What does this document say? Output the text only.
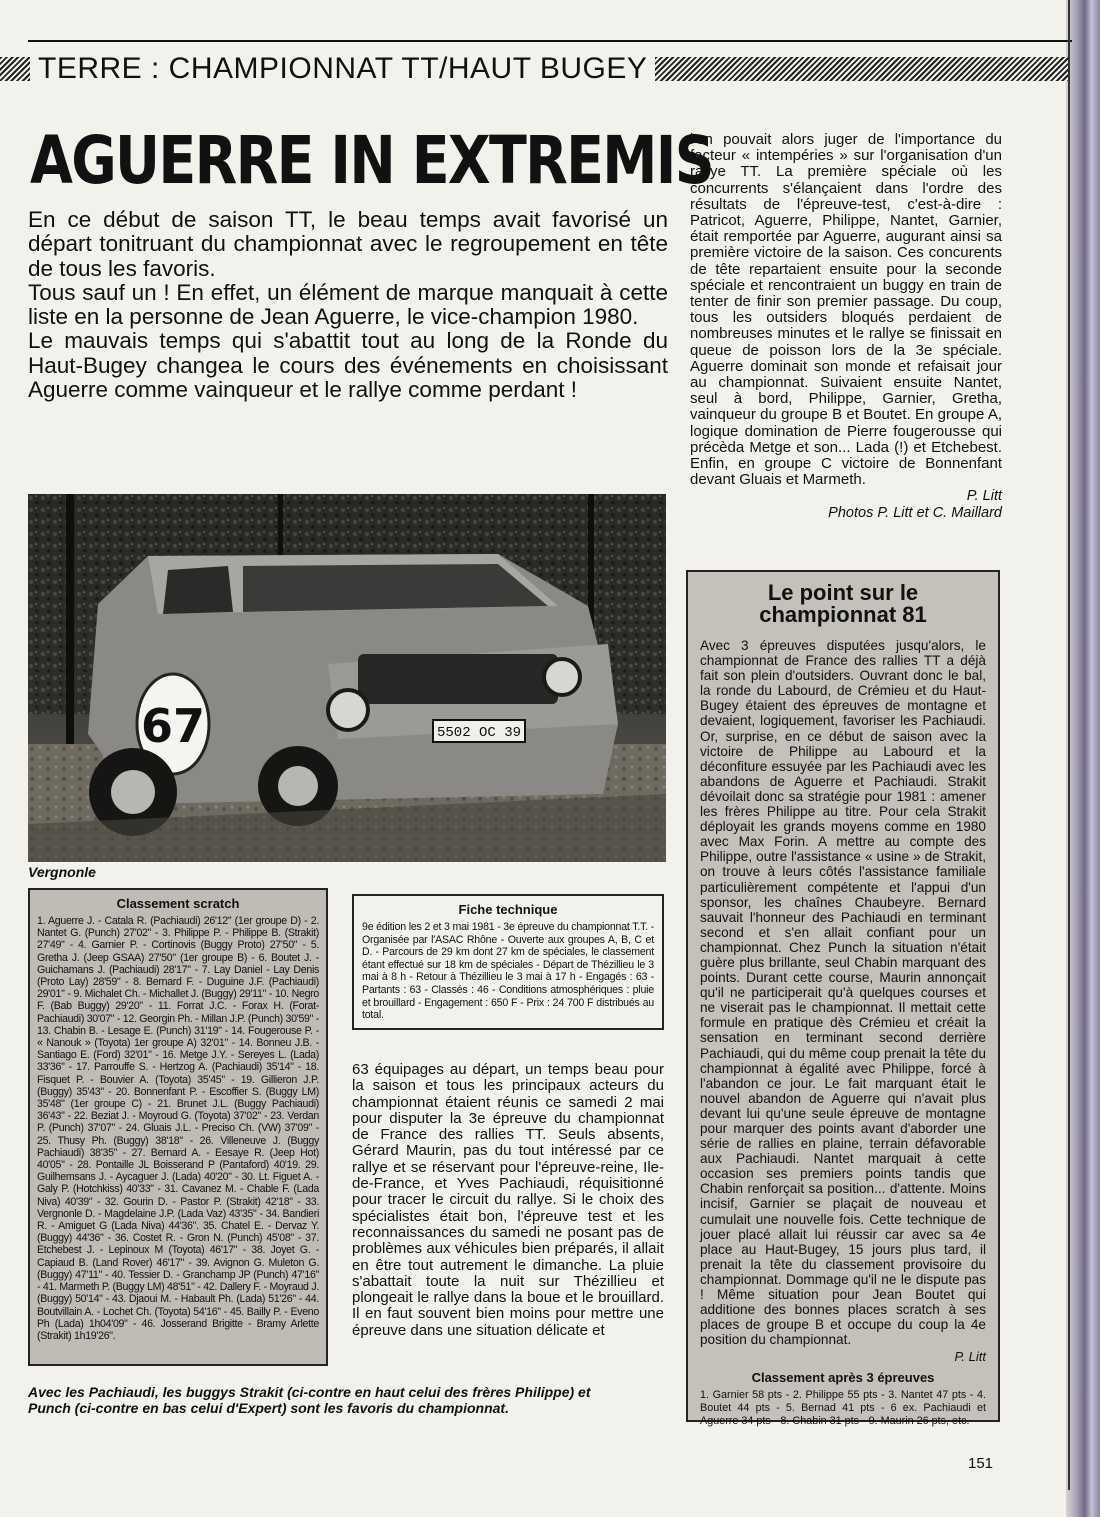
TERRE : CHAMPIONNAT TT/HAUT BUGEY
AGUERRE IN EXTREMIS

En ce début de saison TT, le beau temps avait favorisé un départ tonitruant du championnat avec le regroupement en tête de tous les favoris.

Tous sauf un ! En effet, un élément de marque manquait à cette liste en la personne de Jean Aguerre, le vice-champion 1980.

Le mauvais temps qui s'abattit tout au long de la Ronde du Haut-Bugey changea le cours des événements en choisissant Aguerre comme vainqueur et le rallye comme perdant !

l'on pouvait alors juger de l'importance du facteur « intempéries » sur l'organisation d'un rallye TT. La première spéciale où les concurrents s'élançaient dans l'ordre des résultats de l'épreuve-test, c'est-à-dire : Patricot, Aguerre, Philippe, Nantet, Garnier, était remportée par Aguerre, augurant ainsi sa première victoire de la saison. Ces concurents de tête repartaient ensuite pour la seconde spéciale et rencontraient un buggy en train de tenter de finir son premier passage. Du coup, tous les outsiders bloqués perdaient de nombreuses minutes et le rallye se finissait en queue de poisson lors de la 3e spéciale. Aguerre dominait son monde et refaisait jour au championnat. Suivaient ensuite Nantet, seul à bord, Philippe, Garnier, Gretha, vainqueur du groupe B et Boutet. En groupe A, logique domination de Pierre fougerousse qui précèda Metge et son... Lada (!) et Etchebest. Enfin, en groupe C victoire de Bonnenfant devant Gluais et Marmeth.
P. Litt
Photos P. Litt et C. Maillard
5502 OC 39
67
Vergnonle
Classement scratch
1. Aguerre J. - Catala R. (Pachiaudi) 26'12" (1er groupe D) - 2. Nantet G. (Punch) 27'02" - 3. Philippe P. - Philippe B. (Strakit) 27'49" - 4. Garnier P. - Cortinovis (Buggy Proto) 27'50" - 5. Gretha J. (Jeep GSAA) 27'50" (1er groupe B) - 6. Boutet J. - Guichamans J. (Pachiaudi) 28'17" - 7. Lay Daniel - Lay Denis (Proto Lay) 28'59" - 8. Bernard F. - Duguine J.F. (Pachiaudi) 29'01" - 9. Michalet Ch. - Michallet J. (Buggy) 29'11" - 10. Negro F. (Bab Buggy) 29'20" - 11. Forrat J.C. - Forax H. (Forat-Pachiaudi) 30'07" - 12. Georgin Ph. - Millan J.P. (Punch) 30'59" - 13. Chabin B. - Lesage E. (Punch) 31'19" - 14. Fougerouse P. - « Nanouk » (Toyota) 1er groupe A) 32'01" - 14. Bonneu J.B. - Santiago E. (Ford) 32'01" - 16. Metge J.Y. - Sereyes L. (Lada) 33'36" - 17. Parrouffe S. - Hertzog A. (Pachiaudi) 35'14" - 18. Fisquet P. - Bouvier A. (Toyota) 35'45" - 19. Gillieron J.P. (Buggy) 35'43" - 20. Bonnenfant P. - Escoffier S. (Buggy LM) 35'48" (1er groupe C) - 21. Brunet J.L. (Buggy Pachiaudi) 36'43" - 22. Beziat J. - Moyroud G. (Toyota) 37'02" - 23. Verdan P. (Punch) 37'07" - 24. Gluais J.L. - Preciso Ch. (VW) 37'09" - 25. Thusy Ph. (Buggy) 38'18" - 26. Villeneuve J. (Buggy Pachiaudi) 38'35" - 27. Bernard A. - Eesaye R. (Jeep Hot) 40'05" - 28. Pontaille JL Boisserand P (Pantaford) 40'19. 29. Guilhemsans J. - Aycaguer J. (Lada) 40'20" - 30. Lt. Figuet A. - Galy P. (Hotchkiss) 40'33" - 31. Cavanez M. - Chable F. (Lada Niva) 40'39" - 32. Gourin D. - Pastor P. (Strakit) 42'18" - 33. Vergnonle D. - Magdelaine J.P. (Lada Vaz) 43'35" - 34. Bandieri R. - Amiguet G (Lada Niva) 44'36". 35. Chatel E. - Dervaz Y. (Buggy) 44'36" - 36. Costet R. - Gron N. (Punch) 45'08" - 37. Etchebest J. - Lepinoux M (Toyota) 46'17" - 38. Joyet G. - Capiaud B. (Land Rover) 46'17" - 39. Avignon G. Muleton G. (Buggy) 47'11" - 40. Tessier D. - Granchamp JP (Punch) 47'16" - 41. Marmeth P. (Buggy LM) 48'51" - 42. Dallery F. - Moyraud J. (Buggy) 50'14" - 43. Djaoui M. - Habault Ph. (Lada) 51'26" - 44. Boutvillain A. - Lochet Ch. (Toyota) 54'16" - 45. Bailly P. - Eveno Ph (Lada) 1h04'09" - 46. Josserand Brigitte - Bramy Arlette (Strakit) 1h19'26".
Fiche technique
9e édition les 2 et 3 mai 1981 - 3e épreuve du championnat T.T. - Organisée par l'ASAC Rhône - Ouverte aux groupes A, B, C et D. - Parcours de 29 km dont 27 km de spéciales, le classement étant effectué sur 18 km de spéciales - Départ de Thézillieu le 3 mai à 8 h - Retour à Thézillieu le 3 mai à 17 h - Engagés : 63 - Partants : 63 - Classés : 46 - Conditions atmosphériques : pluie et brouillard - Engagement : 650 F - Prix : 24 700 F distribués au total.
63 équipages au départ, un temps beau pour la saison et tous les principaux acteurs du championnat étaient réunis ce samedi 2 mai pour disputer la 3e épreuve du championnat de France des rallies TT. Seuls absents, Gérard Maurin, pas du tout intéressé par ce rallye et se réservant pour l'épreuve-reine, Ile-de-France, et Yves Pachiaudi, réquisitionné pour tracer le circuit du rallye. Si le choix des spécialistes était bon, l'épreuve test et les reconnaissances du samedi ne posant pas de problèmes aux véhicules bien préparés, il allait en être tout autrement le dimanche. La pluie s'abattait toute la nuit sur Thézillieu et plongeait le rallye dans la boue et le brouillard. Il en faut souvent bien moins pour mettre une épreuve dans une situation délicate et
Avec les Pachiaudi, les buggys Strakit (ci-contre en haut celui des frères Philippe) et Punch (ci-contre en bas celui d'Expert) sont les favoris du championnat.
Le point sur le championnat 81
Avec 3 épreuves disputées jusqu'alors, le championnat de France des rallies TT a déjà fait son plein d'outsiders. Ouvrant donc le bal, la ronde du Labourd, de Crémieu et du Haut-Bugey étaient des épreuves de montagne et devaient, logiquement, favoriser les Pachiaudi. Or, surprise, en ce début de saison avec la victoire de Philippe au Labourd et la déconfiture essuyée par les Pachiaudi avec les abandons de Aguerre et Pachiaudi. Strakit dévoilait donc sa stratégie pour 1981 : amener les frères Philippe au titre. Pour cela Strakit déployait les grands moyens comme en 1980 avec Max Forin. A mettre au compte des Philippe, outre l'assistance « usine » de Strakit, on trouve à leurs côtés l'assistance familiale particulièrement compétente et l'appui d'un sponsor, les chaînes Chaubeyre. Bernard sauvait l'honneur des Pachiaudi en terminant second et s'en allait confiant pour un championnat. Chez Punch la situation n'était guère plus brillante, seul Chabin marquant des points. Durant cette course, Maurin annonçait qu'il ne participerait qu'à quelques courses et ne viserait pas le championnat. Il mettait cette formule en pratique dès Crémieu et créait la sensation en terminant second derrière Pachiaudi, qui du même coup prenait la tête du championnat à égalité avec Philippe, forcé à l'abandon ce jour. Le fait marquant était le nouvel abandon de Aguerre qui n'avait plus devant lui qu'une seule épreuve de montagne pour marquer des points avant d'aborder une série de rallies en plaine, terrain défavorable aux Pachiaudi. Nantet marquait à cette occasion ses premiers points tandis que Chabin renforçait sa position... d'attente. Moins incisif, Garnier se plaçait de nouveau et cumulait une nouvelle fois. Cette technique de jouer placé allait lui réussir car avec sa 4e place au Haut-Bugey, 15 jours plus tard, il prenait la tête du classement provisoire du championnat. Dommage qu'il ne le dispute pas ! Même situation pour Jean Boutet qui additione des bonnes places scratch à ses places de groupe B et occupe du coup la 4e position du championnat.
P. Litt
Classement après 3 épreuves
1. Garnier 58 pts - 2. Philippe 55 pts - 3. Nantet 47 pts - 4. Boutet 44 pts - 5. Bernad 41 pts - 6 ex. Pachiaudi et Aguerre 34 pts - 8. Chabin 31 pts - 9. Maurin 26 pts, etc.
151
